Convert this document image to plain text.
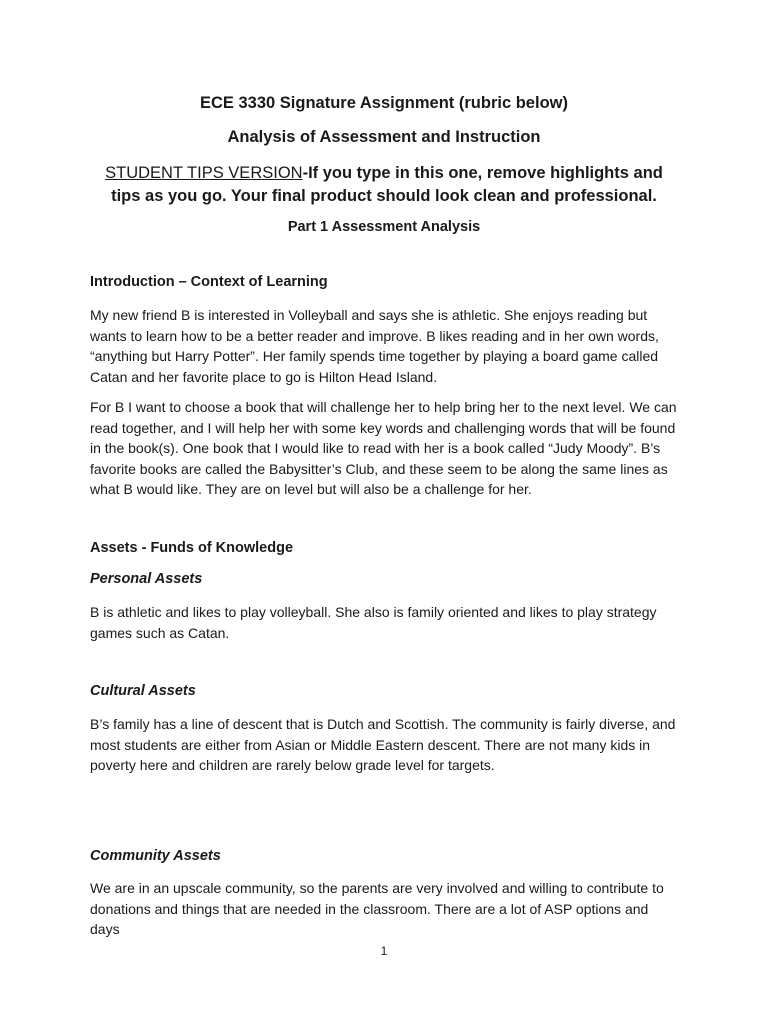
ECE 3330 Signature Assignment (rubric below)
Analysis of Assessment and Instruction
STUDENT TIPS VERSION-If you type in this one, remove highlights and tips as you go. Your final product should look clean and professional.
Part 1 Assessment Analysis
Introduction – Context of Learning
My new friend B is interested in Volleyball and says she is athletic. She enjoys reading but wants to learn how to be a better reader and improve. B likes reading and in her own words, “anything but Harry Potter”. Her family spends time together by playing a board game called Catan and her favorite place to go is Hilton Head Island.
For B I want to choose a book that will challenge her to help bring her to the next level. We can read together, and I will help her with some key words and challenging words that will be found in the book(s). One book that I would like to read with her is a book called “Judy Moody”. B’s favorite books are called the Babysitter’s Club, and these seem to be along the same lines as what B would like. They are on level but will also be a challenge for her.
Assets - Funds of Knowledge
Personal Assets
B is athletic and likes to play volleyball. She also is family oriented and likes to play strategy games such as Catan.
Cultural Assets
B’s family has a line of descent that is Dutch and Scottish. The community is fairly diverse, and most students are either from Asian or Middle Eastern descent. There are not many kids in poverty here and children are rarely below grade level for targets.
Community Assets
We are in an upscale community, so the parents are very involved and willing to contribute to donations and things that are needed in the classroom. There are a lot of ASP options and days
1
